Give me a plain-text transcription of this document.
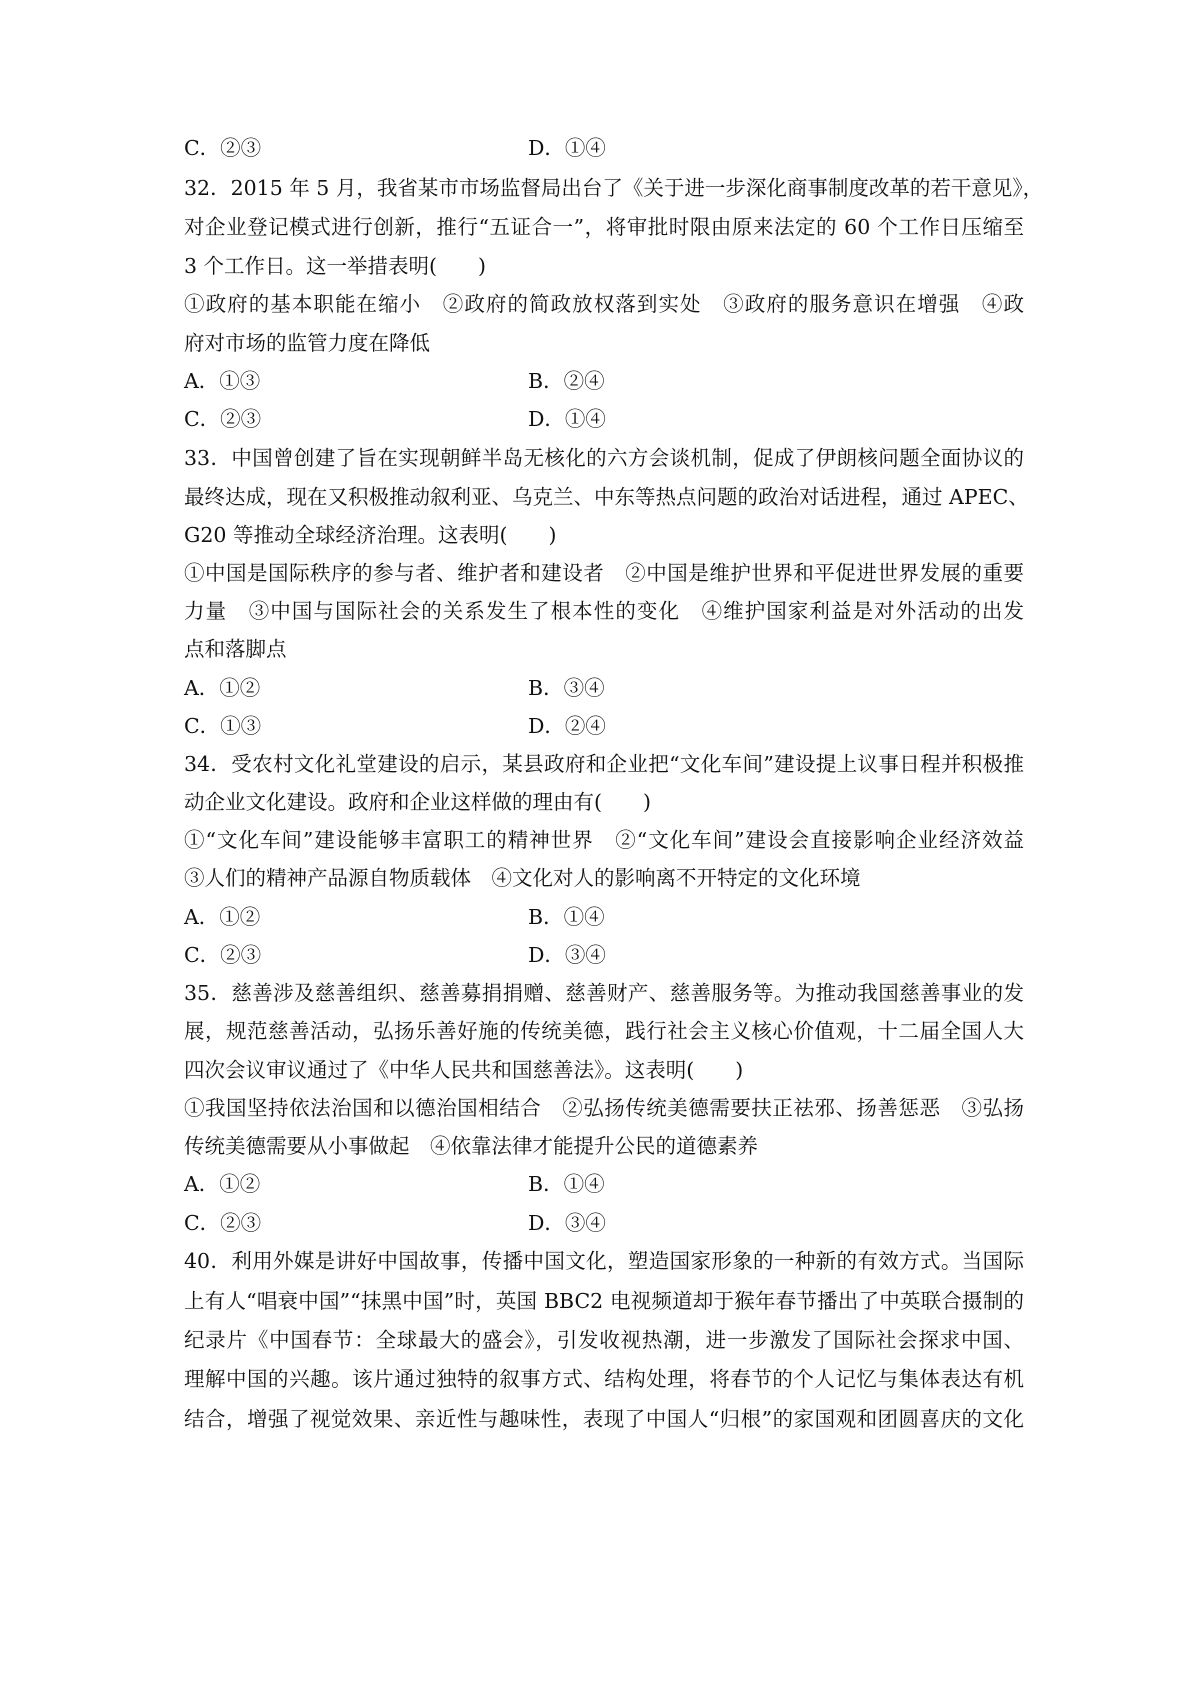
C．②③	D．①④
32．2015 年 5 月，我省某市市场监督局出台了《关于进一步深化商事制度改革的若干意见》，
对企业登记模式进行创新，推行“五证合一”，将审批时限由原来法定的 60 个工作日压缩至
3 个工作日。这一举措表明(　　)
①政府的基本职能在缩小　②政府的简政放权落到实处　③政府的服务意识在增强　④政
府对市场的监管力度在降低
A．①③	B．②④
C．②③	D．①④
33．中国曾创建了旨在实现朝鲜半岛无核化的六方会谈机制，促成了伊朗核问题全面协议的
最终达成，现在又积极推动叙利亚、乌克兰、中东等热点问题的政治对话进程，通过 APEC、
G20 等推动全球经济治理。这表明(　　)
①中国是国际秩序的参与者、维护者和建设者　②中国是维护世界和平促进世界发展的重要
力量　③中国与国际社会的关系发生了根本性的变化　④维护国家利益是对外活动的出发
点和落脚点
A．①②	B．③④
C．①③	D．②④
34．受农村文化礼堂建设的启示，某县政府和企业把“文化车间”建设提上议事日程并积极推
动企业文化建设。政府和企业这样做的理由有(　　)
①“文化车间”建设能够丰富职工的精神世界　②“文化车间”建设会直接影响企业经济效益
③人们的精神产品源自物质载体　④文化对人的影响离不开特定的文化环境
A．①②	B．①④
C．②③	D．③④
35．慈善涉及慈善组织、慈善募捐捐赠、慈善财产、慈善服务等。为推动我国慈善事业的发
展，规范慈善活动，弘扬乐善好施的传统美德，践行社会主义核心价值观，十二届全国人大
四次会议审议通过了《中华人民共和国慈善法》。这表明(　　)
①我国坚持依法治国和以德治国相结合　②弘扬传统美德需要扶正祛邪、扬善惩恶　③弘扬
传统美德需要从小事做起　④依靠法律才能提升公民的道德素养
A．①②	B．①④
C．②③	D．③④
40．利用外媒是讲好中国故事，传播中国文化，塑造国家形象的一种新的有效方式。当国际
上有人“唱衰中国”“抹黑中国”时，英国 BBC2 电视频道却于猴年春节播出了中英联合摄制的
纪录片《中国春节：全球最大的盛会》，引发收视热潮，进一步激发了国际社会探求中国、
理解中国的兴趣。该片通过独特的叙事方式、结构处理，将春节的个人记忆与集体表达有机
结合，增强了视觉效果、亲近性与趣味性，表现了中国人“归根”的家国观和团圆喜庆的文化
